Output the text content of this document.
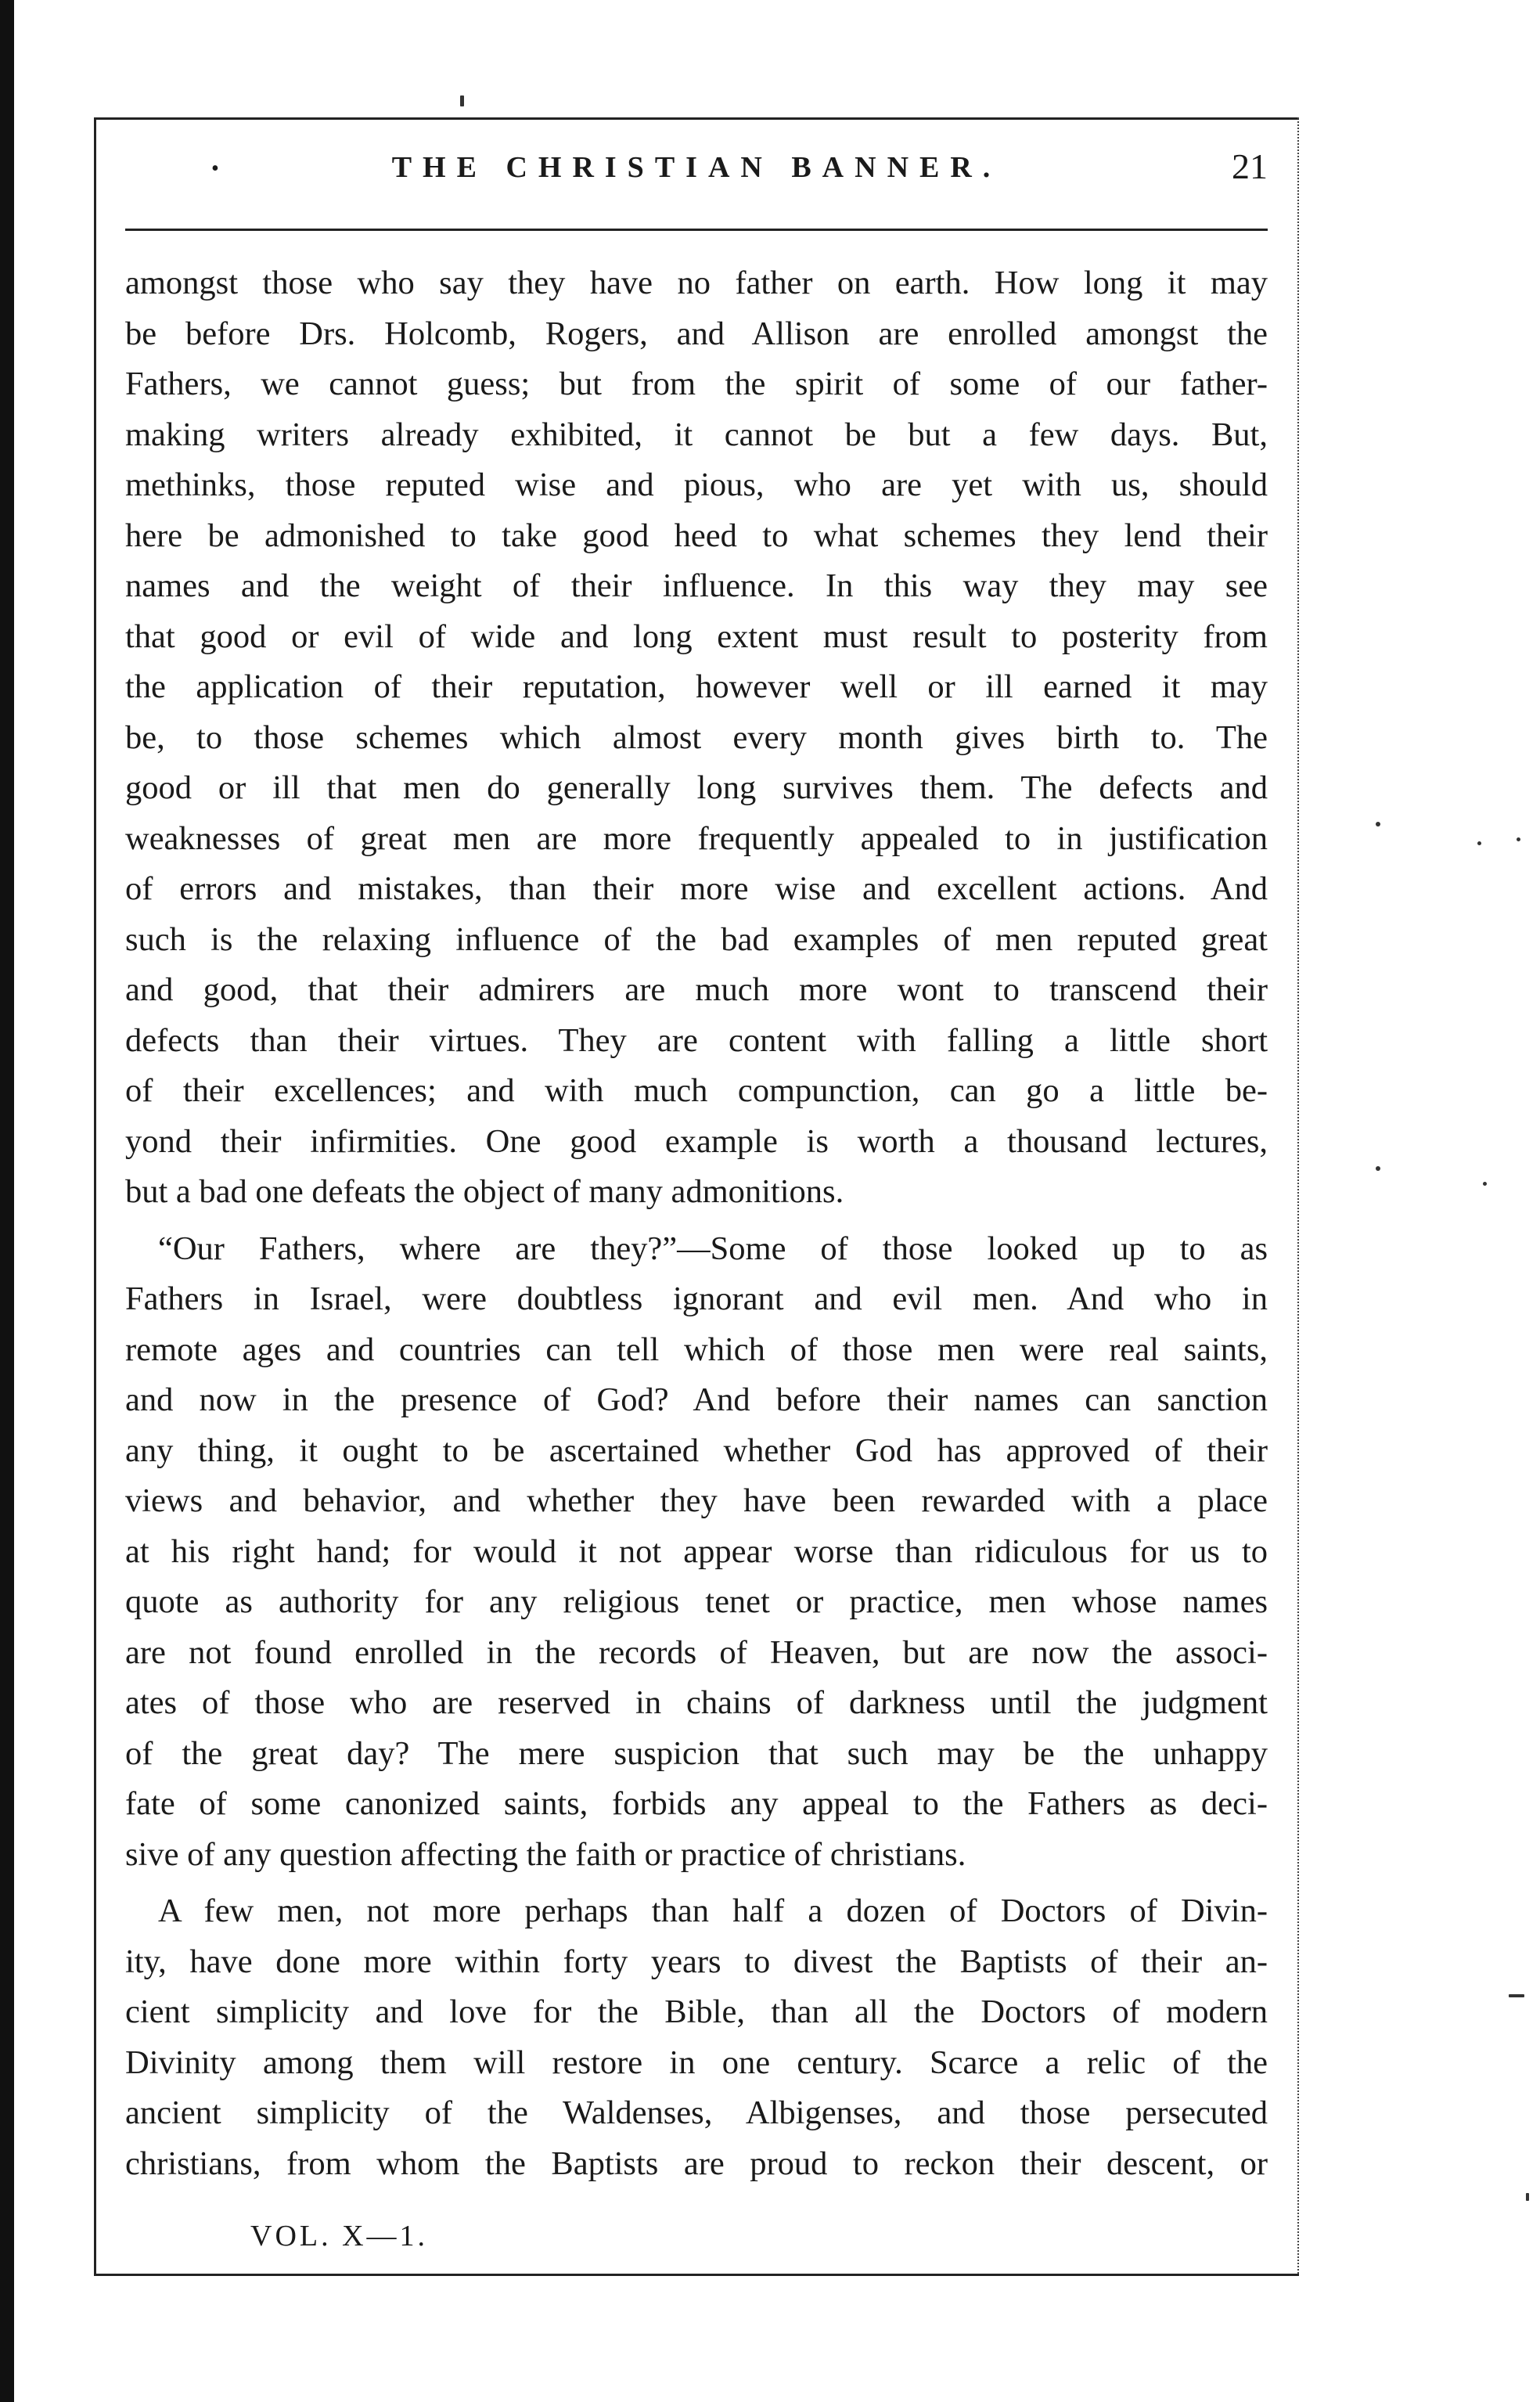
•	THE CHRISTIAN BANNER.	21
amongst those who say they have no father on earth. How long it may
be before Drs. Holcomb, Rogers, and Allison are enrolled amongst the
Fathers, we cannot guess; but from the spirit of some of our father-
making writers already exhibited, it cannot be but a few days. But,
methinks, those reputed wise and pious, who are yet with us, should
here be admonished to take good heed to what schemes they lend their
names and the weight of their influence. In this way they may see
that good or evil of wide and long extent must result to posterity from
the application of their reputation, however well or ill earned it may
be, to those schemes which almost every month gives birth to. The
good or ill that men do generally long survives them. The defects and
weaknesses of great men are more frequently appealed to in justification
of errors and mistakes, than their more wise and excellent actions. And
such is the relaxing influence of the bad examples of men reputed great
and good, that their admirers are much more wont to transcend their
defects than their virtues. They are content with falling a little short
of their excellences; and with much compunction, can go a little be-
yond their infirmities. One good example is worth a thousand lectures,
but a bad one defeats the object of many admonitions.
“Our Fathers, where are they?”—Some of those looked up to as
Fathers in Israel, were doubtless ignorant and evil men. And who in
remote ages and countries can tell which of those men were real saints,
and now in the presence of God? And before their names can sanction
any thing, it ought to be ascertained whether God has approved of their
views and behavior, and whether they have been rewarded with a place
at his right hand; for would it not appear worse than ridiculous for us to
quote as authority for any religious tenet or practice, men whose names
are not found enrolled in the records of Heaven, but are now the associ-
ates of those who are reserved in chains of darkness until the judgment
of the great day? The mere suspicion that such may be the unhappy
fate of some canonized saints, forbids any appeal to the Fathers as deci-
sive of any question affecting the faith or practice of christians.
A few men, not more perhaps than half a dozen of Doctors of Divin-
ity, have done more within forty years to divest the Baptists of their an-
cient simplicity and love for the Bible, than all the Doctors of modern
Divinity among them will restore in one century. Scarce a relic of the
ancient simplicity of the Waldenses, Albigenses, and those persecuted
christians, from whom the Baptists are proud to reckon their descent, or
VOL. X—1.
